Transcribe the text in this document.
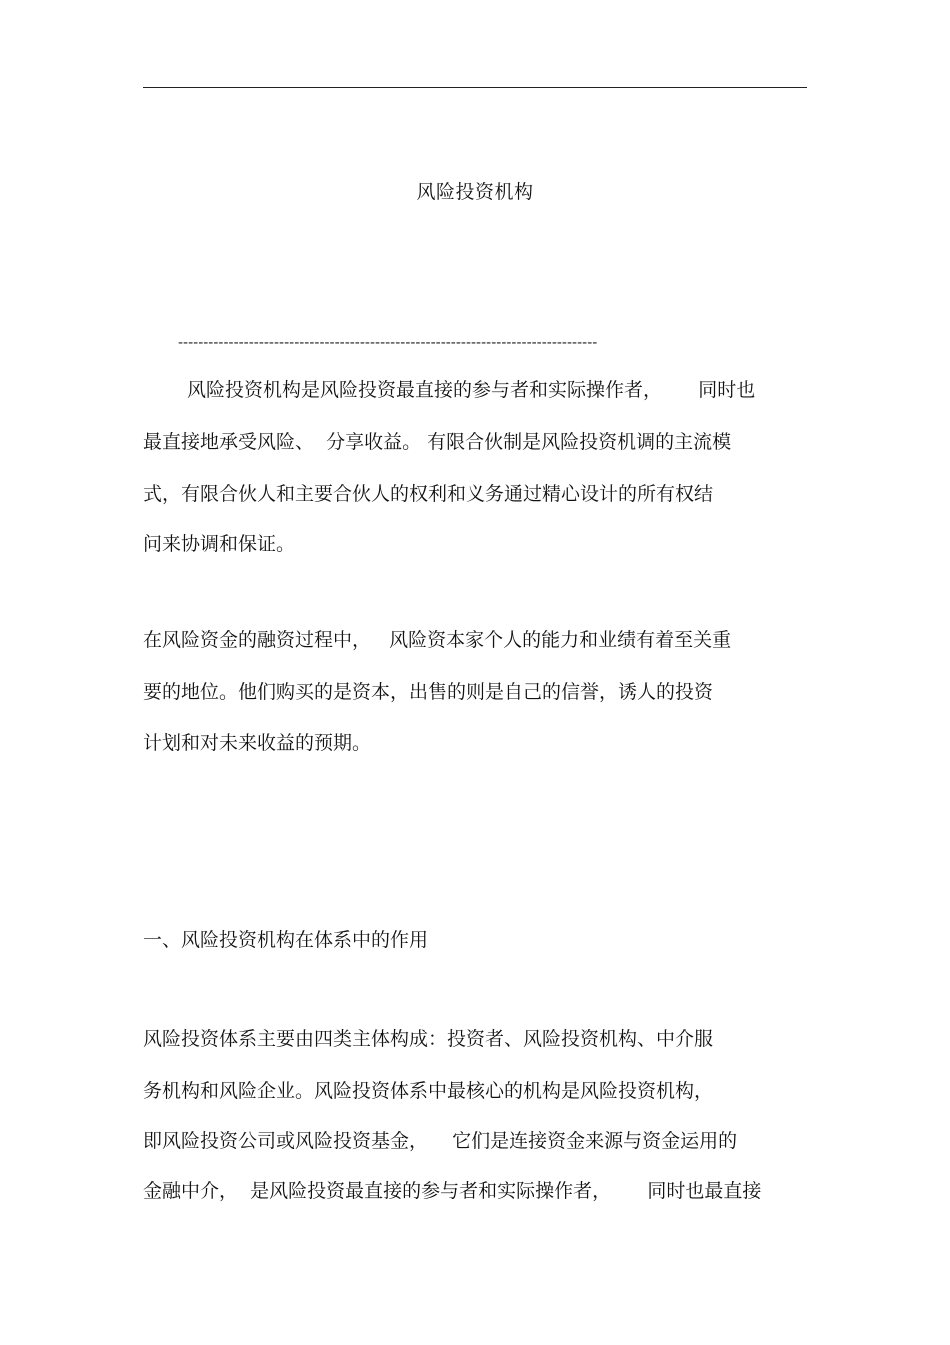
风险投资机构
-----------------------------------------------------------------------------------
风险投资机构是风险投资最直接的参与者和实际操作者，      同时也
最直接地承受风险、  分享收益。 有限合伙制是风险投资机调的主流模
式，有限合伙人和主要合伙人的权利和义务通过精心设计的所有权结
问来协调和保证。
在风险资金的融资过程中，   风险资本家个人的能力和业绩有着至关重
要的地位。他们购买的是资本，出售的则是自己的信誉，诱人的投资
计划和对未来收益的预期。
一、风险投资机构在体系中的作用
风险投资体系主要由四类主体构成：投资者、风险投资机构、中介服
务机构和风险企业。风险投资体系中最核心的机构是风险投资机构，
即风险投资公司或风险投资基金，    它们是连接资金来源与资金运用的
金融中介，  是风险投资最直接的参与者和实际操作者，      同时也最直接
